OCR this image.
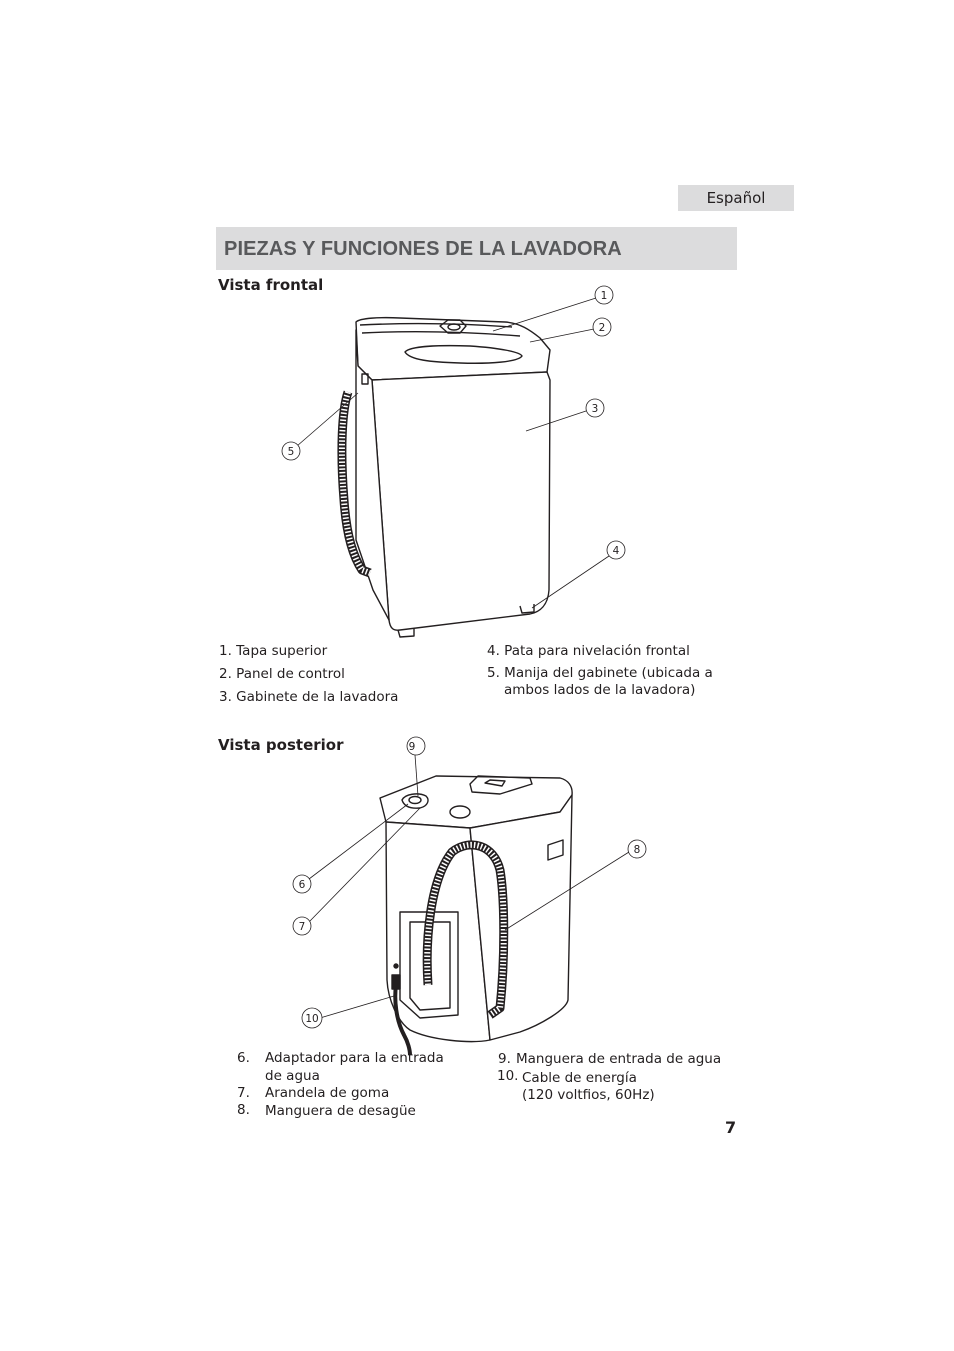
Español
PIEZAS Y FUNCIONES DE LA LAVADORA
Vista frontal
Vista posterior
1
2
3
4
5
6
7
8
9
10
1. Tapa superior
2. Panel de control
3. Gabinete de la lavadora
4. Pata para nivelación frontal
5. Manija del gabinete (ubicada a
ambos lados de la lavadora)
6. Adaptador para la entrada
de agua
7. Arandela de goma
8. Manguera de desagüe
9. Manguera de entrada de agua
10. Cable de energía
(120 voltfios, 60Hz)
7
